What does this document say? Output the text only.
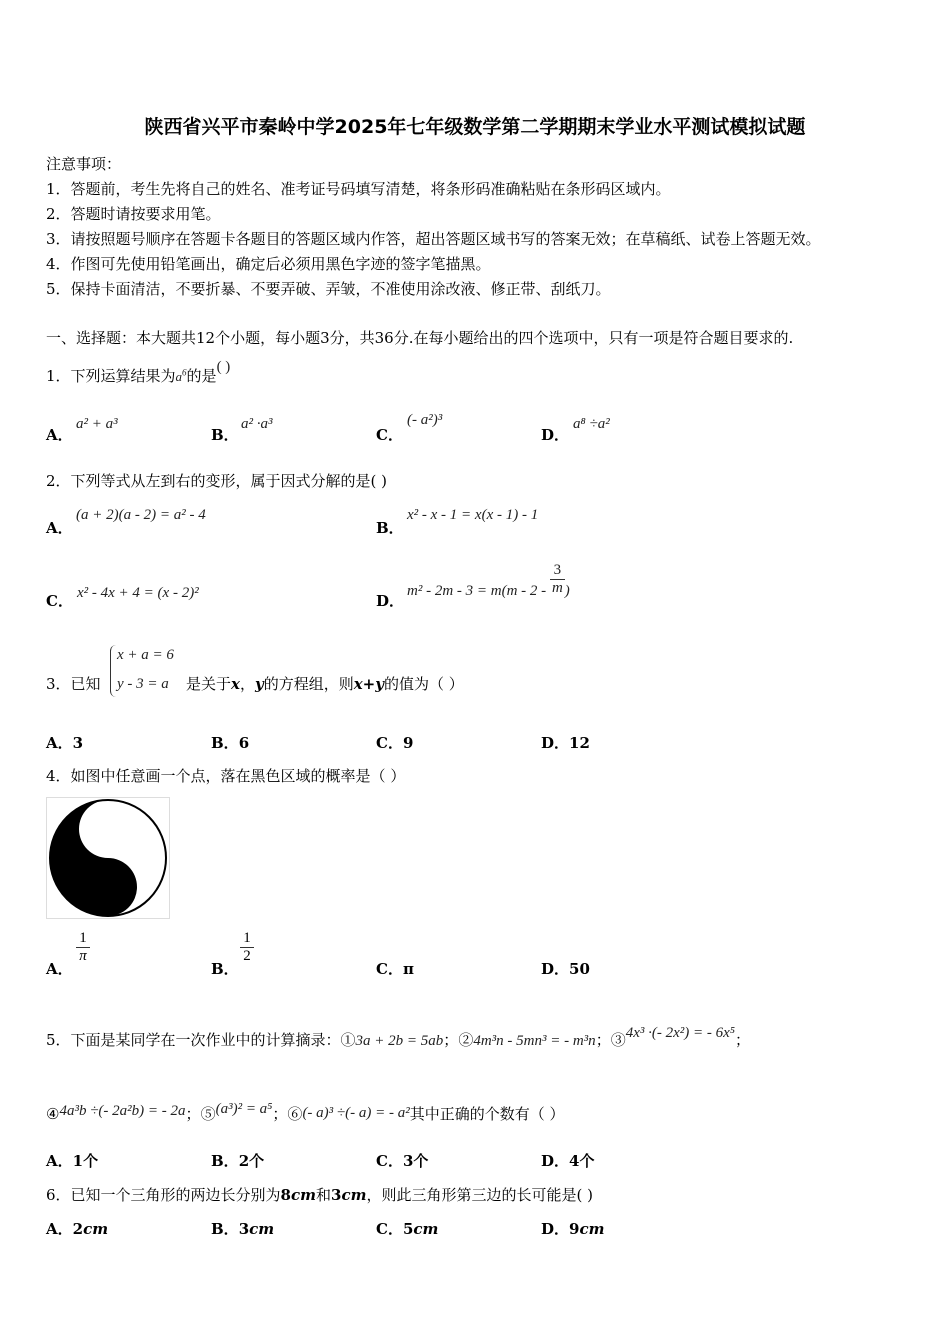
陕西省兴平市秦岭中学2025年七年级数学第二学期期末学业水平测试模拟试题
注意事项：
1．答题前，考生先将自己的姓名、准考证号码填写清楚，将条形码准确粘贴在条形码区域内。
2．答题时请按要求用笔。
3．请按照题号顺序在答题卡各题目的答题区域内作答，超出答题区域书写的答案无效；在草稿纸、试卷上答题无效。
4．作图可先使用铅笔画出，确定后必须用黑色字迹的签字笔描黑。
5．保持卡面清洁，不要折暴、不要弄破、弄皱，不准使用涂改液、修正带、刮纸刀。
一、选择题：本大题共12个小题，每小题3分，共36分.在每小题给出的四个选项中，只有一项是符合题目要求的.
1．下列运算结果为$a^6$的是( )
A．
a² + a³
B．
a² ·a³
C．
(- a²)³
D．
a⁸ ÷a²
2．下列等式从左到右的变形，属于因式分解的是( )
A．
(a + 2)(a - 2) = a² - 4
B．
x² - x - 1 = x(x - 1) - 1
C． x² - 4x + 4 = (x - 2)²	D．
$m^2 - 2m - 3 = m(m - 2 - \frac{3}{m}$ )
3．已知
x + a = 6
y - 3 = a 是关于x，y的方程组，则x+y的值为（ ）
A．3	B．6	C．9	D．12
4．如图中任意画一个点，落在黑色区域的概率是（ ）
A．
$\frac{1}{\pi}$
B．
$\frac{1}{2}$
C．π	D．50
5．下面是某同学在一次作业中的计算摘录：①3a + 2b = 5ab；②4m³n - 5mn³ = - m³n；③4x³ ·(- 2x²) = - 6x⁵；
④4a³b ÷(- 2a²b) = - 2a；⑤(a³)² = a⁵；⑥(- a)³ ÷(- a) = - a²其中正确的个数有（ ）
A．1个	B．2个	C．3个	D．4个
6．已知一个三角形的两边长分别为8cm和3cm，则此三角形第三边的长可能是( )
A．2cm	B．3cm	C．5cm	D．9cm
